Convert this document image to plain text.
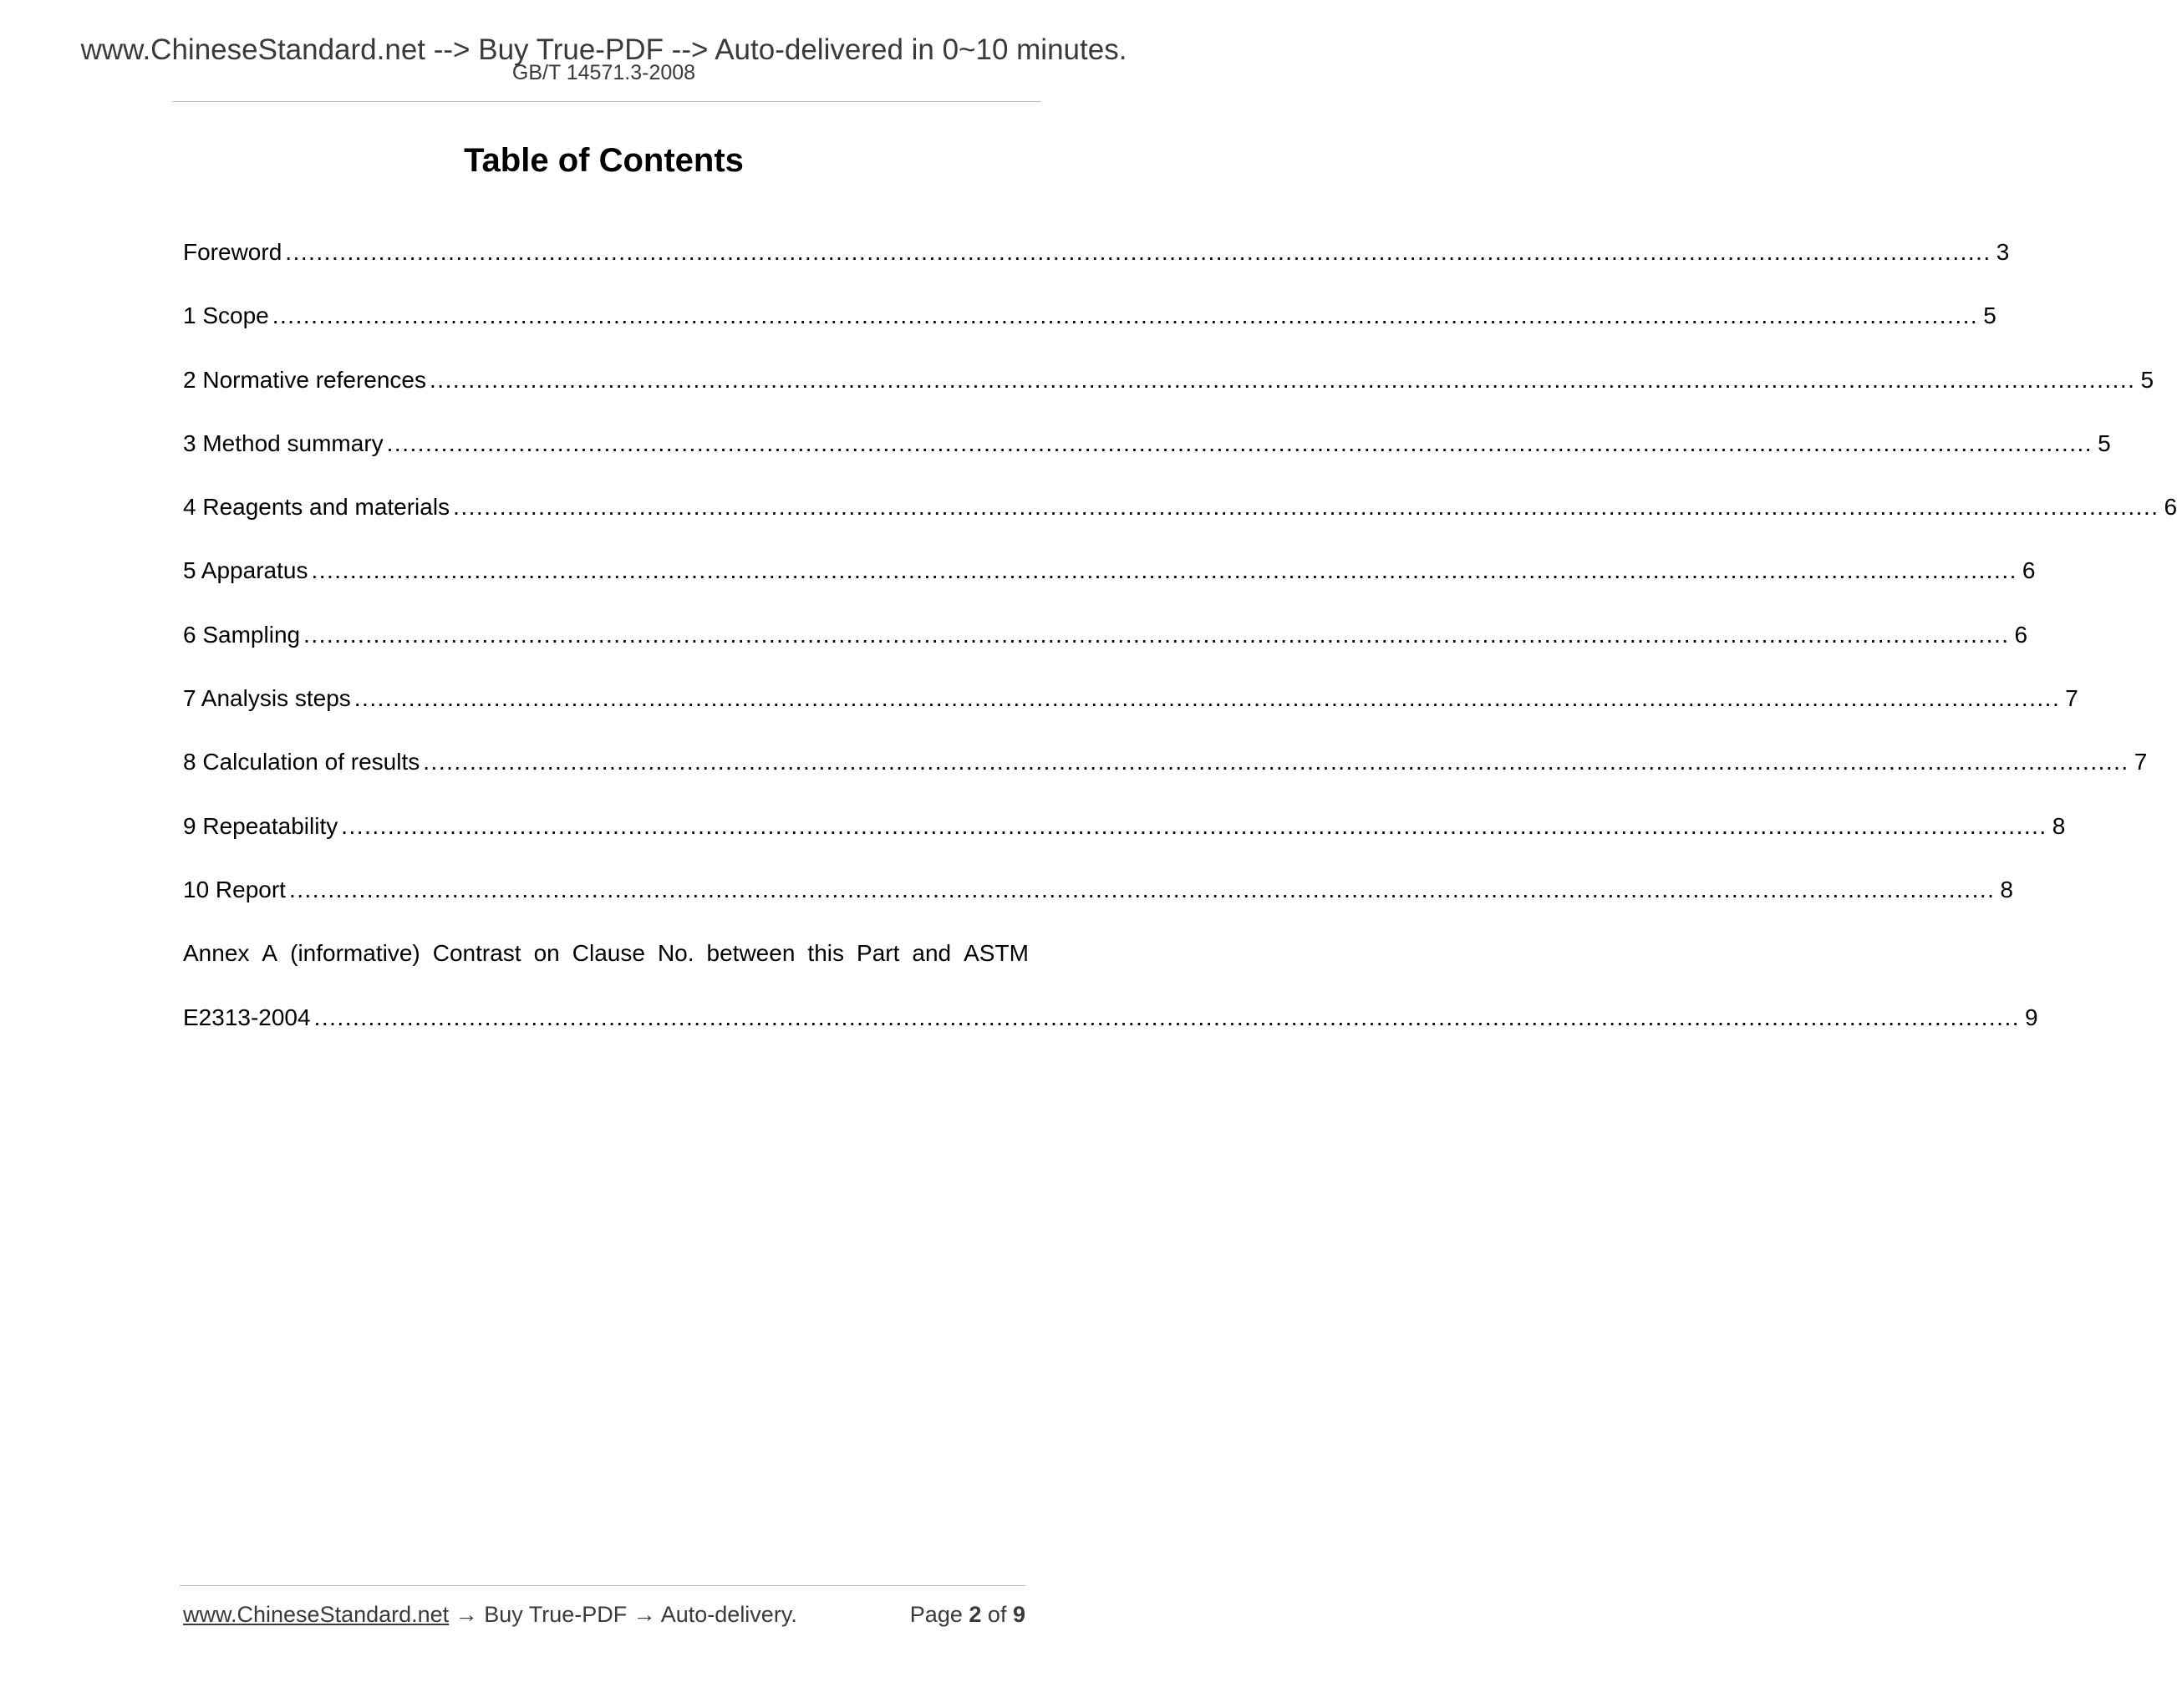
www.ChineseStandard.net --> Buy True-PDF --> Auto-delivered in 0~10 minutes.
GB/T 14571.3-2008
Table of Contents
Foreword ............................................................................................................................................................................................................................ 3
1 Scope ............................................................................................................................................................................................................................ 5
2 Normative references ............................................................................................................................................................................................................................ 5
3 Method summary ............................................................................................................................................................................................................................ 5
4 Reagents and materials ............................................................................................................................................................................................................................ 6
5 Apparatus ............................................................................................................................................................................................................................ 6
6 Sampling ............................................................................................................................................................................................................................ 6
7 Analysis steps ............................................................................................................................................................................................................................ 7
8 Calculation of results ............................................................................................................................................................................................................................ 7
9 Repeatability ............................................................................................................................................................................................................................ 8
10 Report ............................................................................................................................................................................................................................ 8
Annex A (informative) Contrast on Clause No. between this Part and ASTM
E2313-2004 ............................................................................................................................................................................................................................ 9
www.ChineseStandard.net → Buy True-PDF → Auto-delivery.	Page 2 of 9
